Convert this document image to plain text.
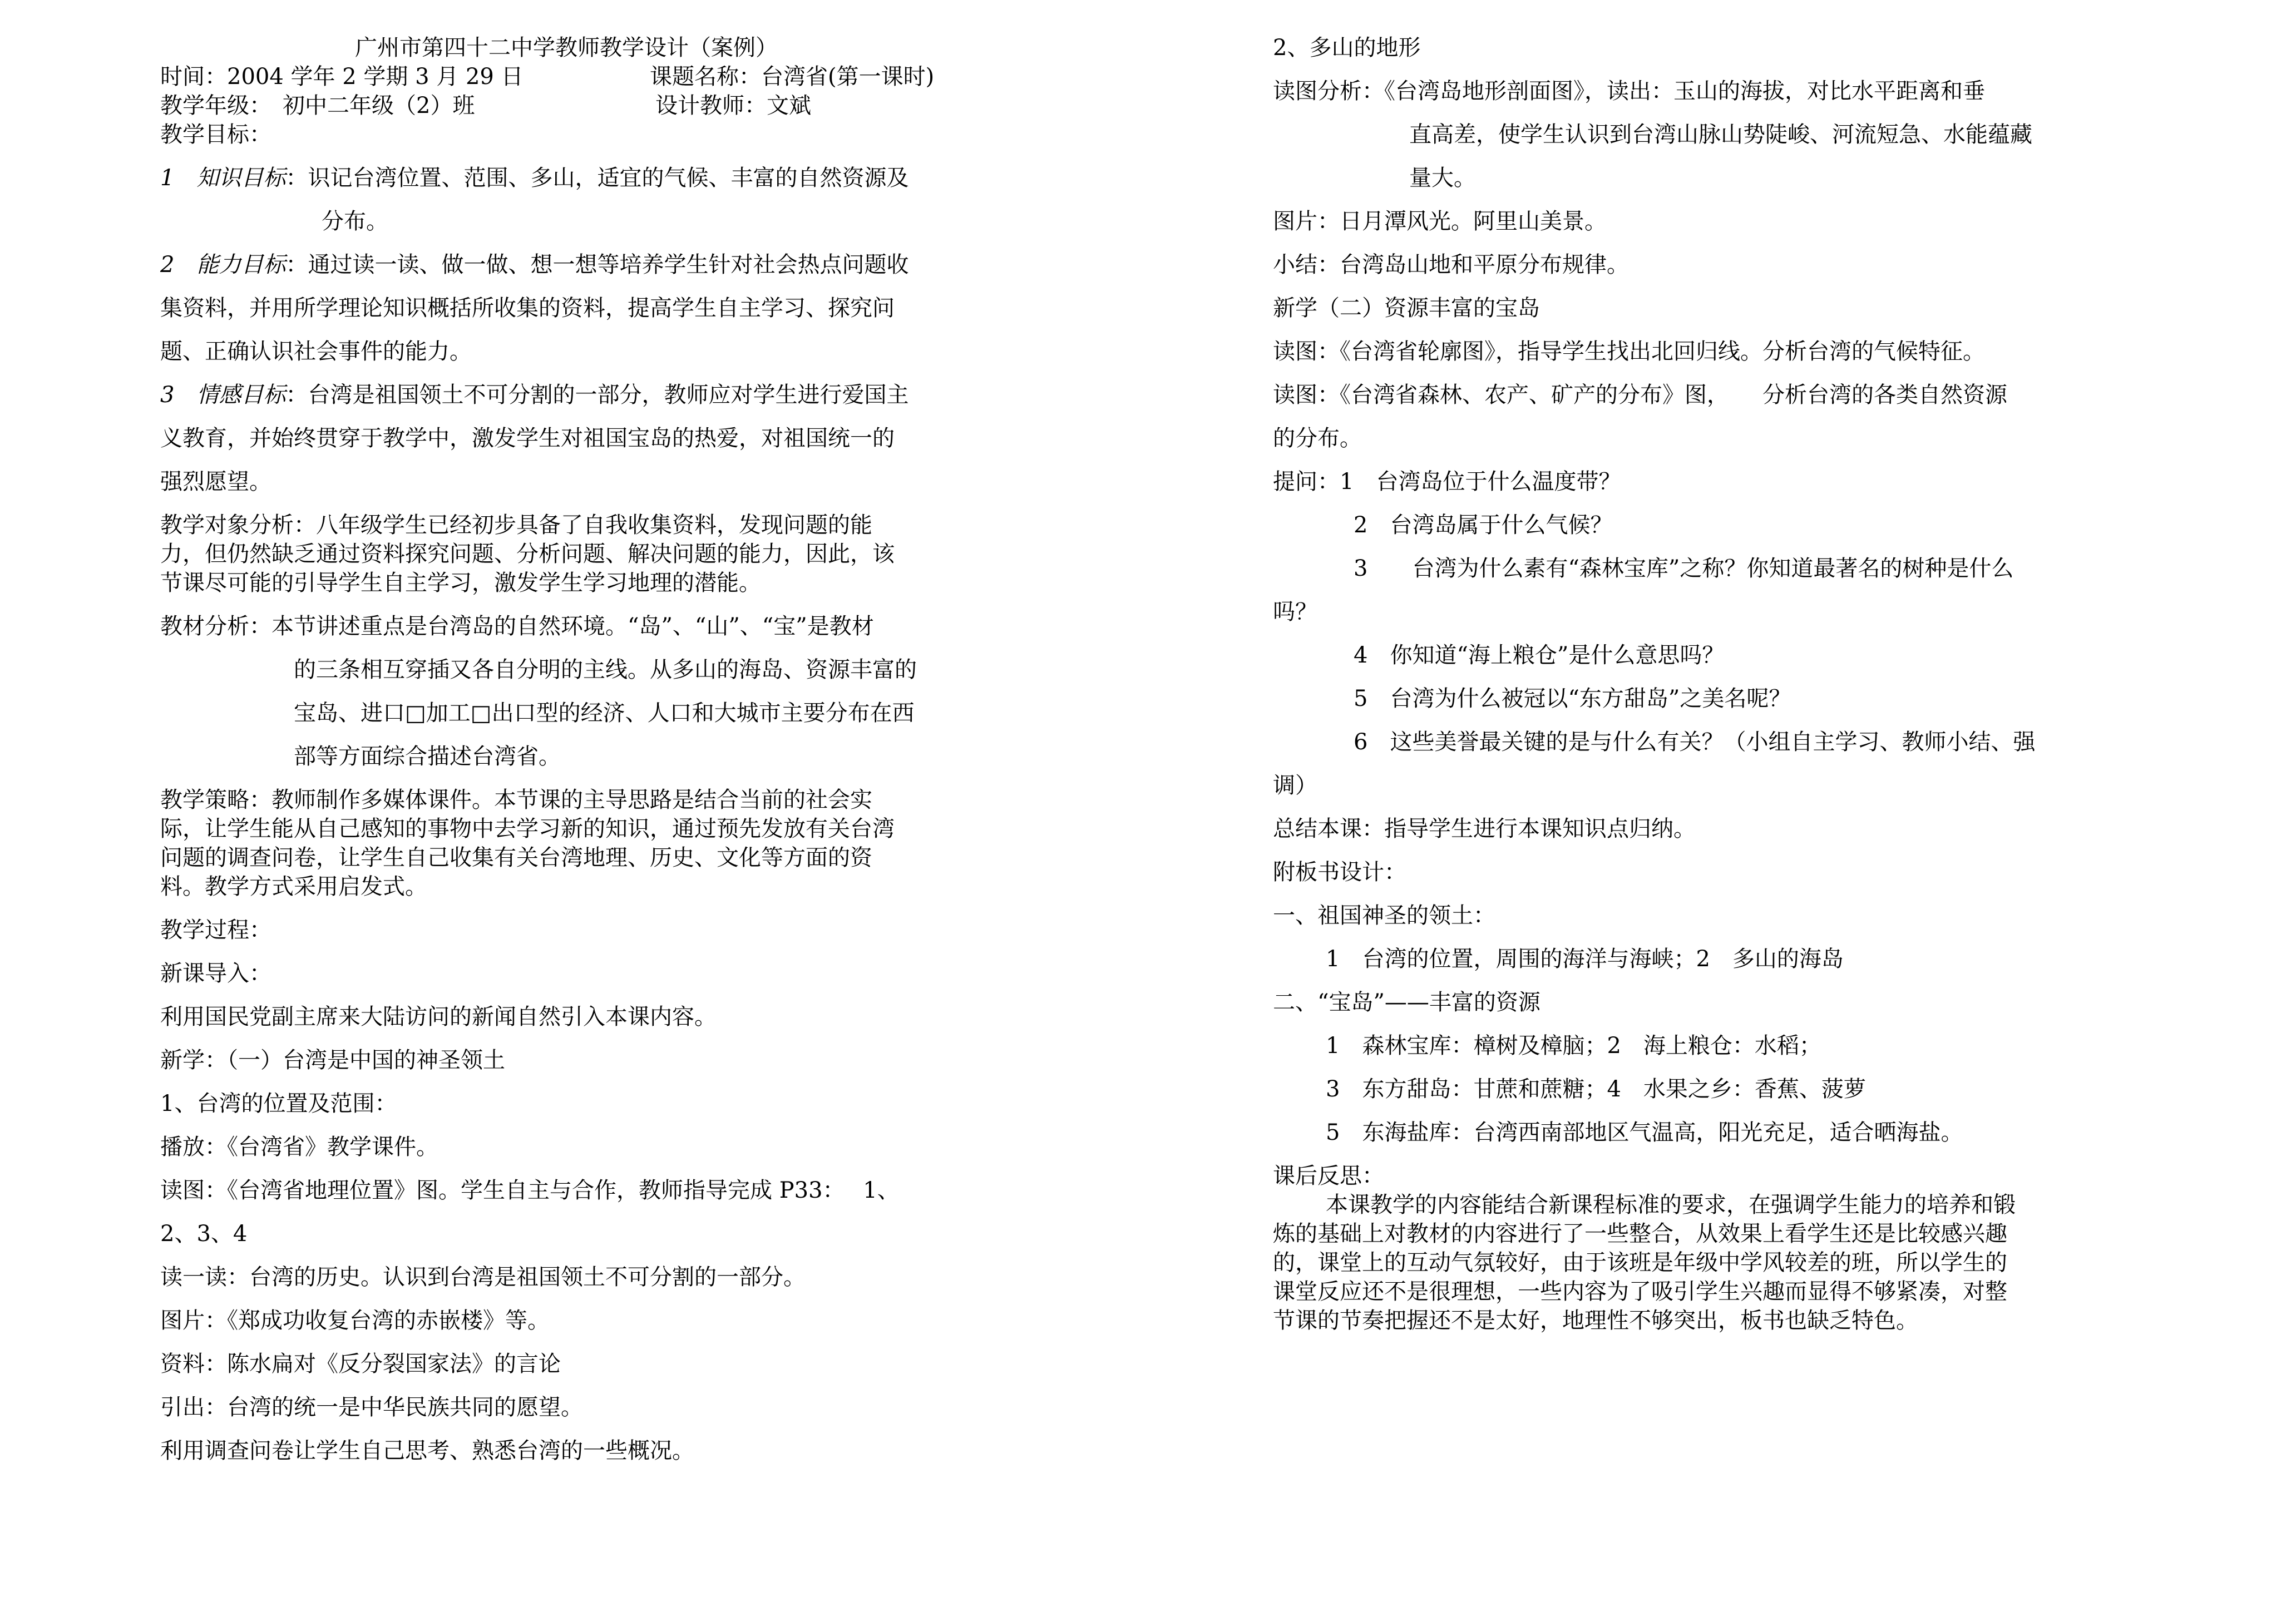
广州市第四十二中学教师教学设计（案例）

时间：2004 学年 2 学期 3 月 29 日	课题名称：台湾省(第一课时)
教学年级：　初中二年级（2）班	设计教师：文斌

教学目标：

1　知识目标：识记台湾位置、范围、多山，适宜的气候、丰富的自然资源及

分布。

2　能力目标：通过读一读、做一做、想一想等培养学生针对社会热点问题收

集资料，并用所学理论知识概括所收集的资料，提高学生自主学习、探究问

题、正确认识社会事件的能力。

3　情感目标：台湾是祖国领土不可分割的一部分，教师应对学生进行爱国主

义教育，并始终贯穿于教学中，激发学生对祖国宝岛的热爱，对祖国统一的

强烈愿望。

教学对象分析：八年级学生已经初步具备了自我收集资料，发现问题的能

力，但仍然缺乏通过资料探究问题、分析问题、解决问题的能力，因此，该

节课尽可能的引导学生自主学习，激发学生学习地理的潜能。

教材分析：本节讲述重点是台湾岛的自然环境。“岛”、“山”、“宝”是教材

的三条相互穿插又各自分明的主线。从多山的海岛、资源丰富的

宝岛、进口□加工□出口型的经济、人口和大城市主要分布在西

部等方面综合描述台湾省。

教学策略：教师制作多媒体课件。本节课的主导思路是结合当前的社会实

际，让学生能从自己感知的事物中去学习新的知识，通过预先发放有关台湾

问题的调查问卷，让学生自己收集有关台湾地理、历史、文化等方面的资

料。教学方式采用启发式。

教学过程：

新课导入：

利用国民党副主席来大陆访问的新闻自然引入本课内容。

新学：（一）台湾是中国的神圣领土

1、台湾的位置及范围：

播放：《台湾省》教学课件。

读图：《台湾省地理位置》图。学生自主与合作，教师指导完成 P33：　 1、

2、3、4

读一读：台湾的历史。认识到台湾是祖国领土不可分割的一部分。

图片：《郑成功收复台湾的赤嵌楼》等。

资料：陈水扁对《反分裂国家法》的言论

引出：台湾的统一是中华民族共同的愿望。

利用调查问卷让学生自己思考、熟悉台湾的一些概况。

2、多山的地形

读图分析：《台湾岛地形剖面图》，读出：玉山的海拔，对比水平距离和垂

直高差，使学生认识到台湾山脉山势陡峻、河流短急、水能蕴藏

量大。

图片：日月潭风光。阿里山美景。

小结：台湾岛山地和平原分布规律。

新学（二）资源丰富的宝岛

读图：《台湾省轮廓图》，指导学生找出北回归线。分析台湾的气候特征。

读图：《台湾省森林、农产、矿产的分布》图，　　分析台湾的各类自然资源

的分布。

提问：1　台湾岛位于什么温度带？

2　台湾岛属于什么气候？

3　　台湾为什么素有“森林宝库”之称？你知道最著名的树种是什么

吗？

4　你知道“海上粮仓”是什么意思吗？

5　台湾为什么被冠以“东方甜岛”之美名呢？

6　这些美誉最关键的是与什么有关？（小组自主学习、教师小结、强

调）

总结本课：指导学生进行本课知识点归纳。

附板书设计：

一、祖国神圣的领土：

1　台湾的位置，周围的海洋与海峡；2　多山的海岛

二、“宝岛”——丰富的资源

1　森林宝库：樟树及樟脑；2　海上粮仓：水稻；

3　东方甜岛：甘蔗和蔗糖；4　水果之乡：香蕉、菠萝

5　东海盐库：台湾西南部地区气温高，阳光充足，适合晒海盐。

课后反思：

本课教学的内容能结合新课程标准的要求，在强调学生能力的培养和锻

炼的基础上对教材的内容进行了一些整合，从效果上看学生还是比较感兴趣

的，课堂上的互动气氛较好，由于该班是年级中学风较差的班，所以学生的

课堂反应还不是很理想，一些内容为了吸引学生兴趣而显得不够紧凑，对整

节课的节奏把握还不是太好，地理性不够突出，板书也缺乏特色。
